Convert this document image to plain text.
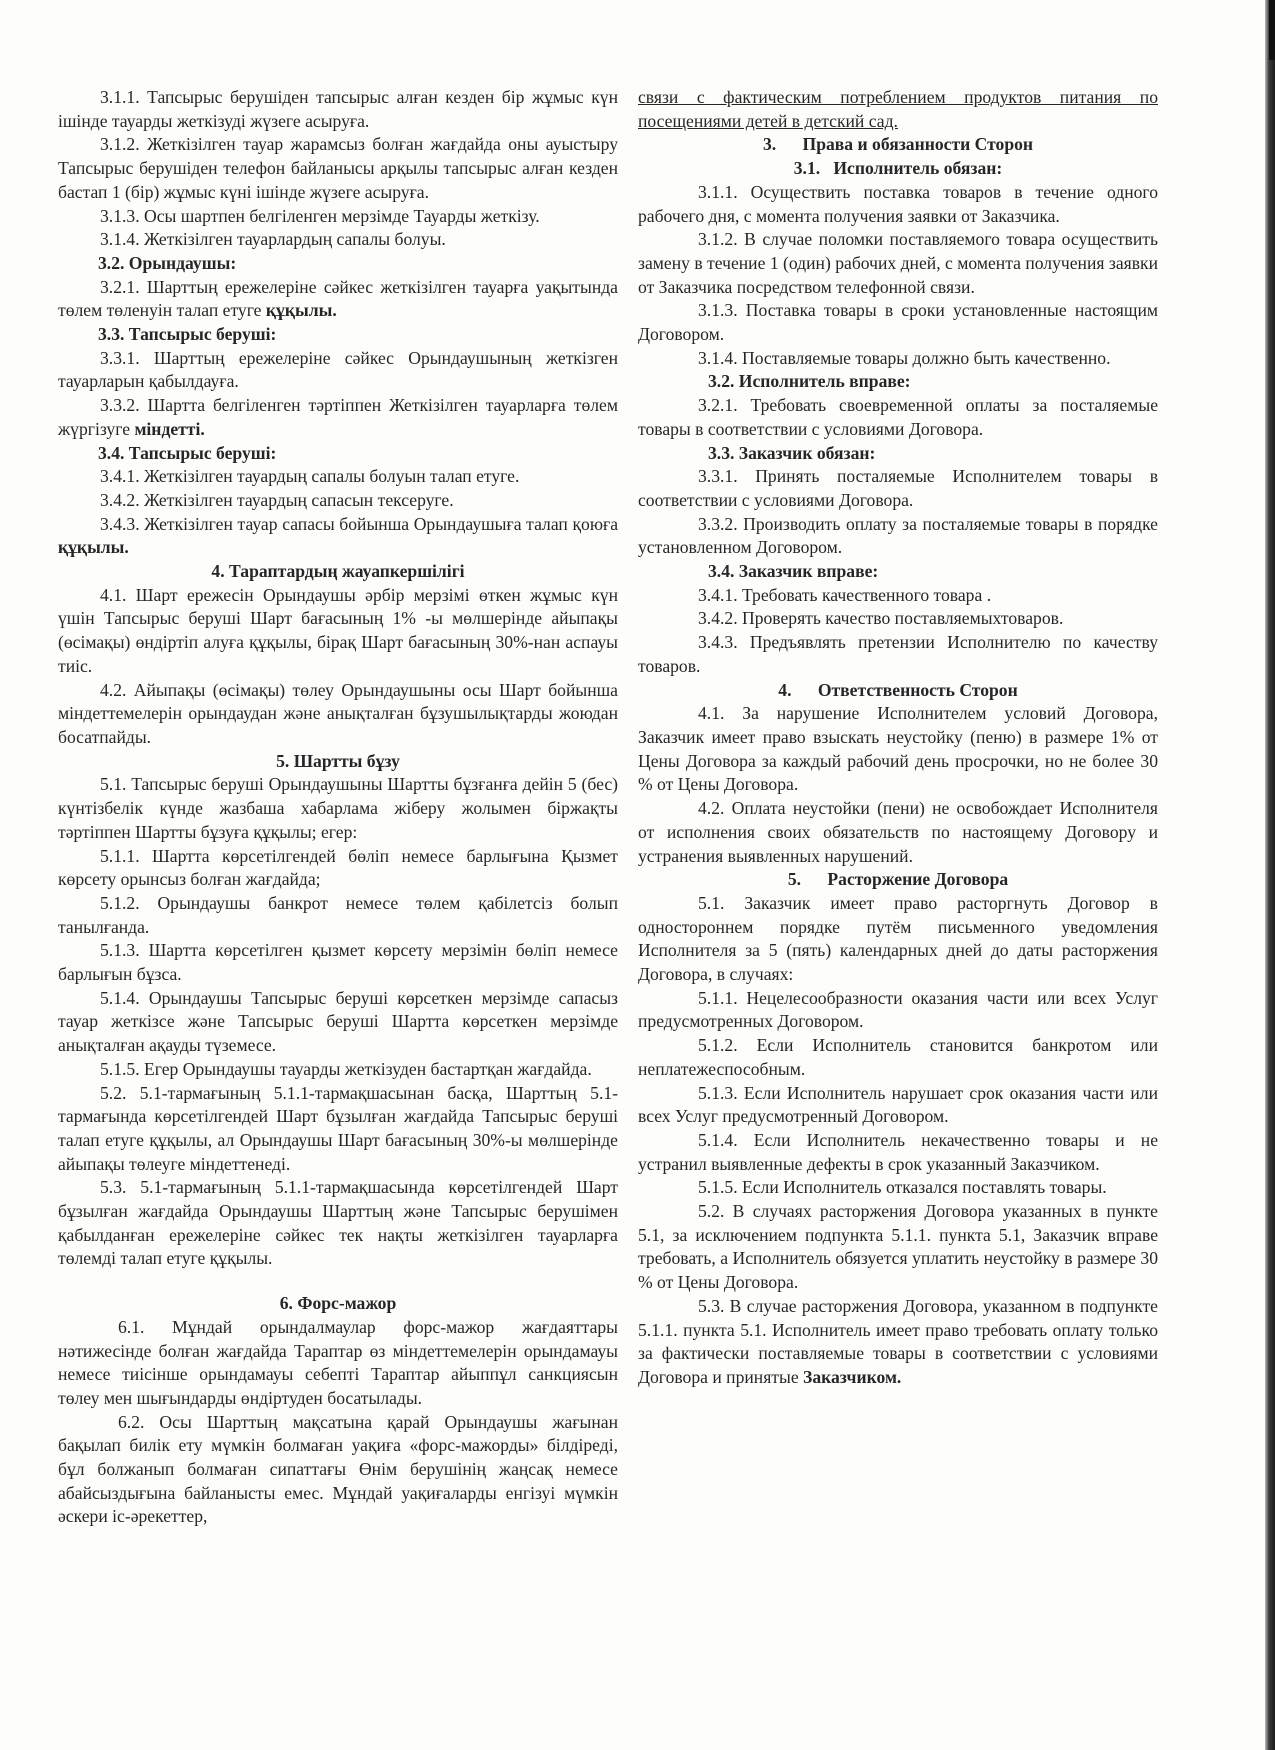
3.1.1. Тапсырыс берушіден тапсырыс алған кезден бір жұмыс күн ішінде тауарды жеткізуді жүзеге асыруға.

3.1.2. Жеткізілген тауар жарамсыз болған жағдайда оны ауыстыру Тапсырыс берушіден телефон байланысы арқылы тапсырыс алған кезден бастап 1 (бір) жұмыс күні ішінде жүзеге асыруға.

3.1.3. Осы шартпен белгіленген мерзімде Тауарды жеткізу.

3.1.4. Жеткізілген тауарлардың сапалы болуы.

3.2. Орындаушы:

3.2.1. Шарттың ережелеріне сәйкес жеткізілген тауарға уақытында төлем төленуін талап етуге құқылы.

3.3. Тапсырыс беруші:

3.3.1. Шарттың ережелеріне сәйкес Орындаушының жеткізген тауарларын қабылдауға.

3.3.2. Шартта белгіленген тәртіппен Жеткізілген тауарларға төлем жүргізуге міндетті.

3.4. Тапсырыс беруші:

3.4.1. Жеткізілген тауардың сапалы болуын талап етуге.

3.4.2. Жеткізілген тауардың сапасын тексеруге.

3.4.3. Жеткізілген тауар сапасы бойынша Орындаушыға талап қоюға құқылы.

4. Тараптардың жауапкершілігі

4.1. Шарт ережесін Орындаушы әрбір мерзімі өткен жұмыс күн үшін Тапсырыс беруші Шарт бағасының 1% -ы мөлшерінде айыпақы (өсімақы) өндіртіп алуға құқылы, бірақ Шарт бағасының 30%-нан аспауы тиіс.

4.2. Айыпақы (өсімақы) төлеу Орындаушыны осы Шарт бойынша міндеттемелерін орындаудан және анықталған бұзушылықтарды жоюдан босатпайды.

5. Шартты бұзу

5.1. Тапсырыс беруші Орындаушыны Шартты бұзғанға дейін 5 (бес) күнтізбелік күнде жазбаша хабарлама жіберу жолымен біржақты тәртіппен Шартты бұзуға құқылы; егер:

5.1.1. Шартта көрсетілгендей бөліп немесе барлығына Қызмет көрсету орынсыз болған жағдайда;

5.1.2. Орындаушы банкрот немесе төлем қабілетсіз болып танылғанда.

5.1.3. Шартта көрсетілген қызмет көрсету мерзімін бөліп немесе барлығын бұзса.

5.1.4. Орындаушы Тапсырыс беруші көрсеткен мерзімде сапасыз тауар жеткізсе және Тапсырыс беруші Шартта көрсеткен мерзімде анықталған ақауды түземесе.

5.1.5. Егер Орындаушы тауарды жеткізуден бастартқан жағдайда.

5.2. 5.1-тармағының 5.1.1-тармақшасынан басқа, Шарттың 5.1-тармағында көрсетілгендей Шарт бұзылған жағдайда Тапсырыс беруші талап етуге құқылы, ал Орындаушы Шарт бағасының 30%-ы мөлшерінде айыпақы төлеуге міндеттенеді.

5.3. 5.1-тармағының 5.1.1-тармақшасында көрсетілгендей Шарт бұзылған жағдайда Орындаушы Шарттың және Тапсырыс берушімен қабылданған ережелеріне сәйкес тек нақты жеткізілген тауарларға төлемді талап етуге құқылы.

6. Форс-мажор

6.1. Мұндай орындалмаулар форс-мажор жағдаяттары нәтижесінде болған жағдайда Тараптар өз міндеттемелерін орындамауы немесе тиісінше орындамауы себепті Тараптар айыппұл санкциясын төлеу мен шығындарды өндіртуден босатылады.

6.2. Осы Шарттың мақсатына қарай Орындаушы жағынан бақылап билік ету мүмкін болмаған уақиға «форс-мажорды» білдіреді, бұл болжанып болмаған сипаттағы Өнім берушінің жаңсақ немесе абайсыздығына байланысты емес. Мұндай уақиғаларды енгізуі мүмкін әскери іс-әрекеттер,

связи с фактическим потреблением продуктов питания по посещениями детей в детский сад.

3.      Права и обязанности Сторон

3.1.   Исполнитель обязан:

3.1.1. Осуществить поставка товаров в течение одного рабочего дня, с момента получения заявки от Заказчика.

3.1.2. В случае поломки поставляемого товара осуществить замену в течение 1 (один) рабочих дней, с момента получения заявки от Заказчика посредством телефонной связи.

3.1.3. Поставка товары в сроки установленные настоящим Договором.

3.1.4. Поставляемые товары должно быть качественно.

3.2. Исполнитель вправе:

3.2.1. Требовать своевременной оплаты за посталяемые товары в соответствии с условиями Договора.

3.3. Заказчик обязан:

3.3.1. Принять посталяемые Исполнителем товары в соответствии с условиями Договора.

3.3.2. Производить оплату за посталяемые товары в порядке установленном Договором.

3.4. Заказчик вправе:

3.4.1. Требовать качественного товара .

3.4.2. Проверять качество поставляемыхтоваров.

3.4.3. Предъявлять претензии Исполнителю по качеству товаров.

4.      Ответственность Сторон

4.1. За нарушение Исполнителем условий Договора, Заказчик имеет право взыскать неустойку (пеню) в размере 1% от Цены Договора за каждый рабочий день просрочки, но не более 30 % от Цены Договора.

4.2. Оплата неустойки (пени) не освобождает Исполнителя от исполнения своих обязательств по настоящему Договору и устранения выявленных нарушений.

5.      Расторжение Договора

5.1. Заказчик имеет право расторгнуть Договор в одностороннем порядке путём письменного уведомления Исполнителя за 5 (пять) календарных дней до даты расторжения Договора, в случаях:

5.1.1. Нецелесообразности оказания части или всех Услуг предусмотренных Договором.

5.1.2. Если Исполнитель становится банкротом или неплатежеспособным.

5.1.3. Если Исполнитель нарушает срок оказания части или всех Услуг предусмотренный Договором.

5.1.4. Если Исполнитель некачественно товары и не устранил выявленные дефекты в срок указанный Заказчиком.

5.1.5. Если Исполнитель отказался поставлять товары.

5.2. В случаях расторжения Договора указанных в пункте 5.1, за исключением подпункта 5.1.1. пункта 5.1, Заказчик вправе требовать, а Исполнитель обязуется уплатить неустойку в размере 30 % от Цены Договора.

5.3. В случае расторжения Договора, указанном в подпункте 5.1.1. пункта 5.1. Исполнитель имеет право требовать оплату только за фактически поставляемые товары в соответствии с условиями Договора и принятые Заказчиком.
